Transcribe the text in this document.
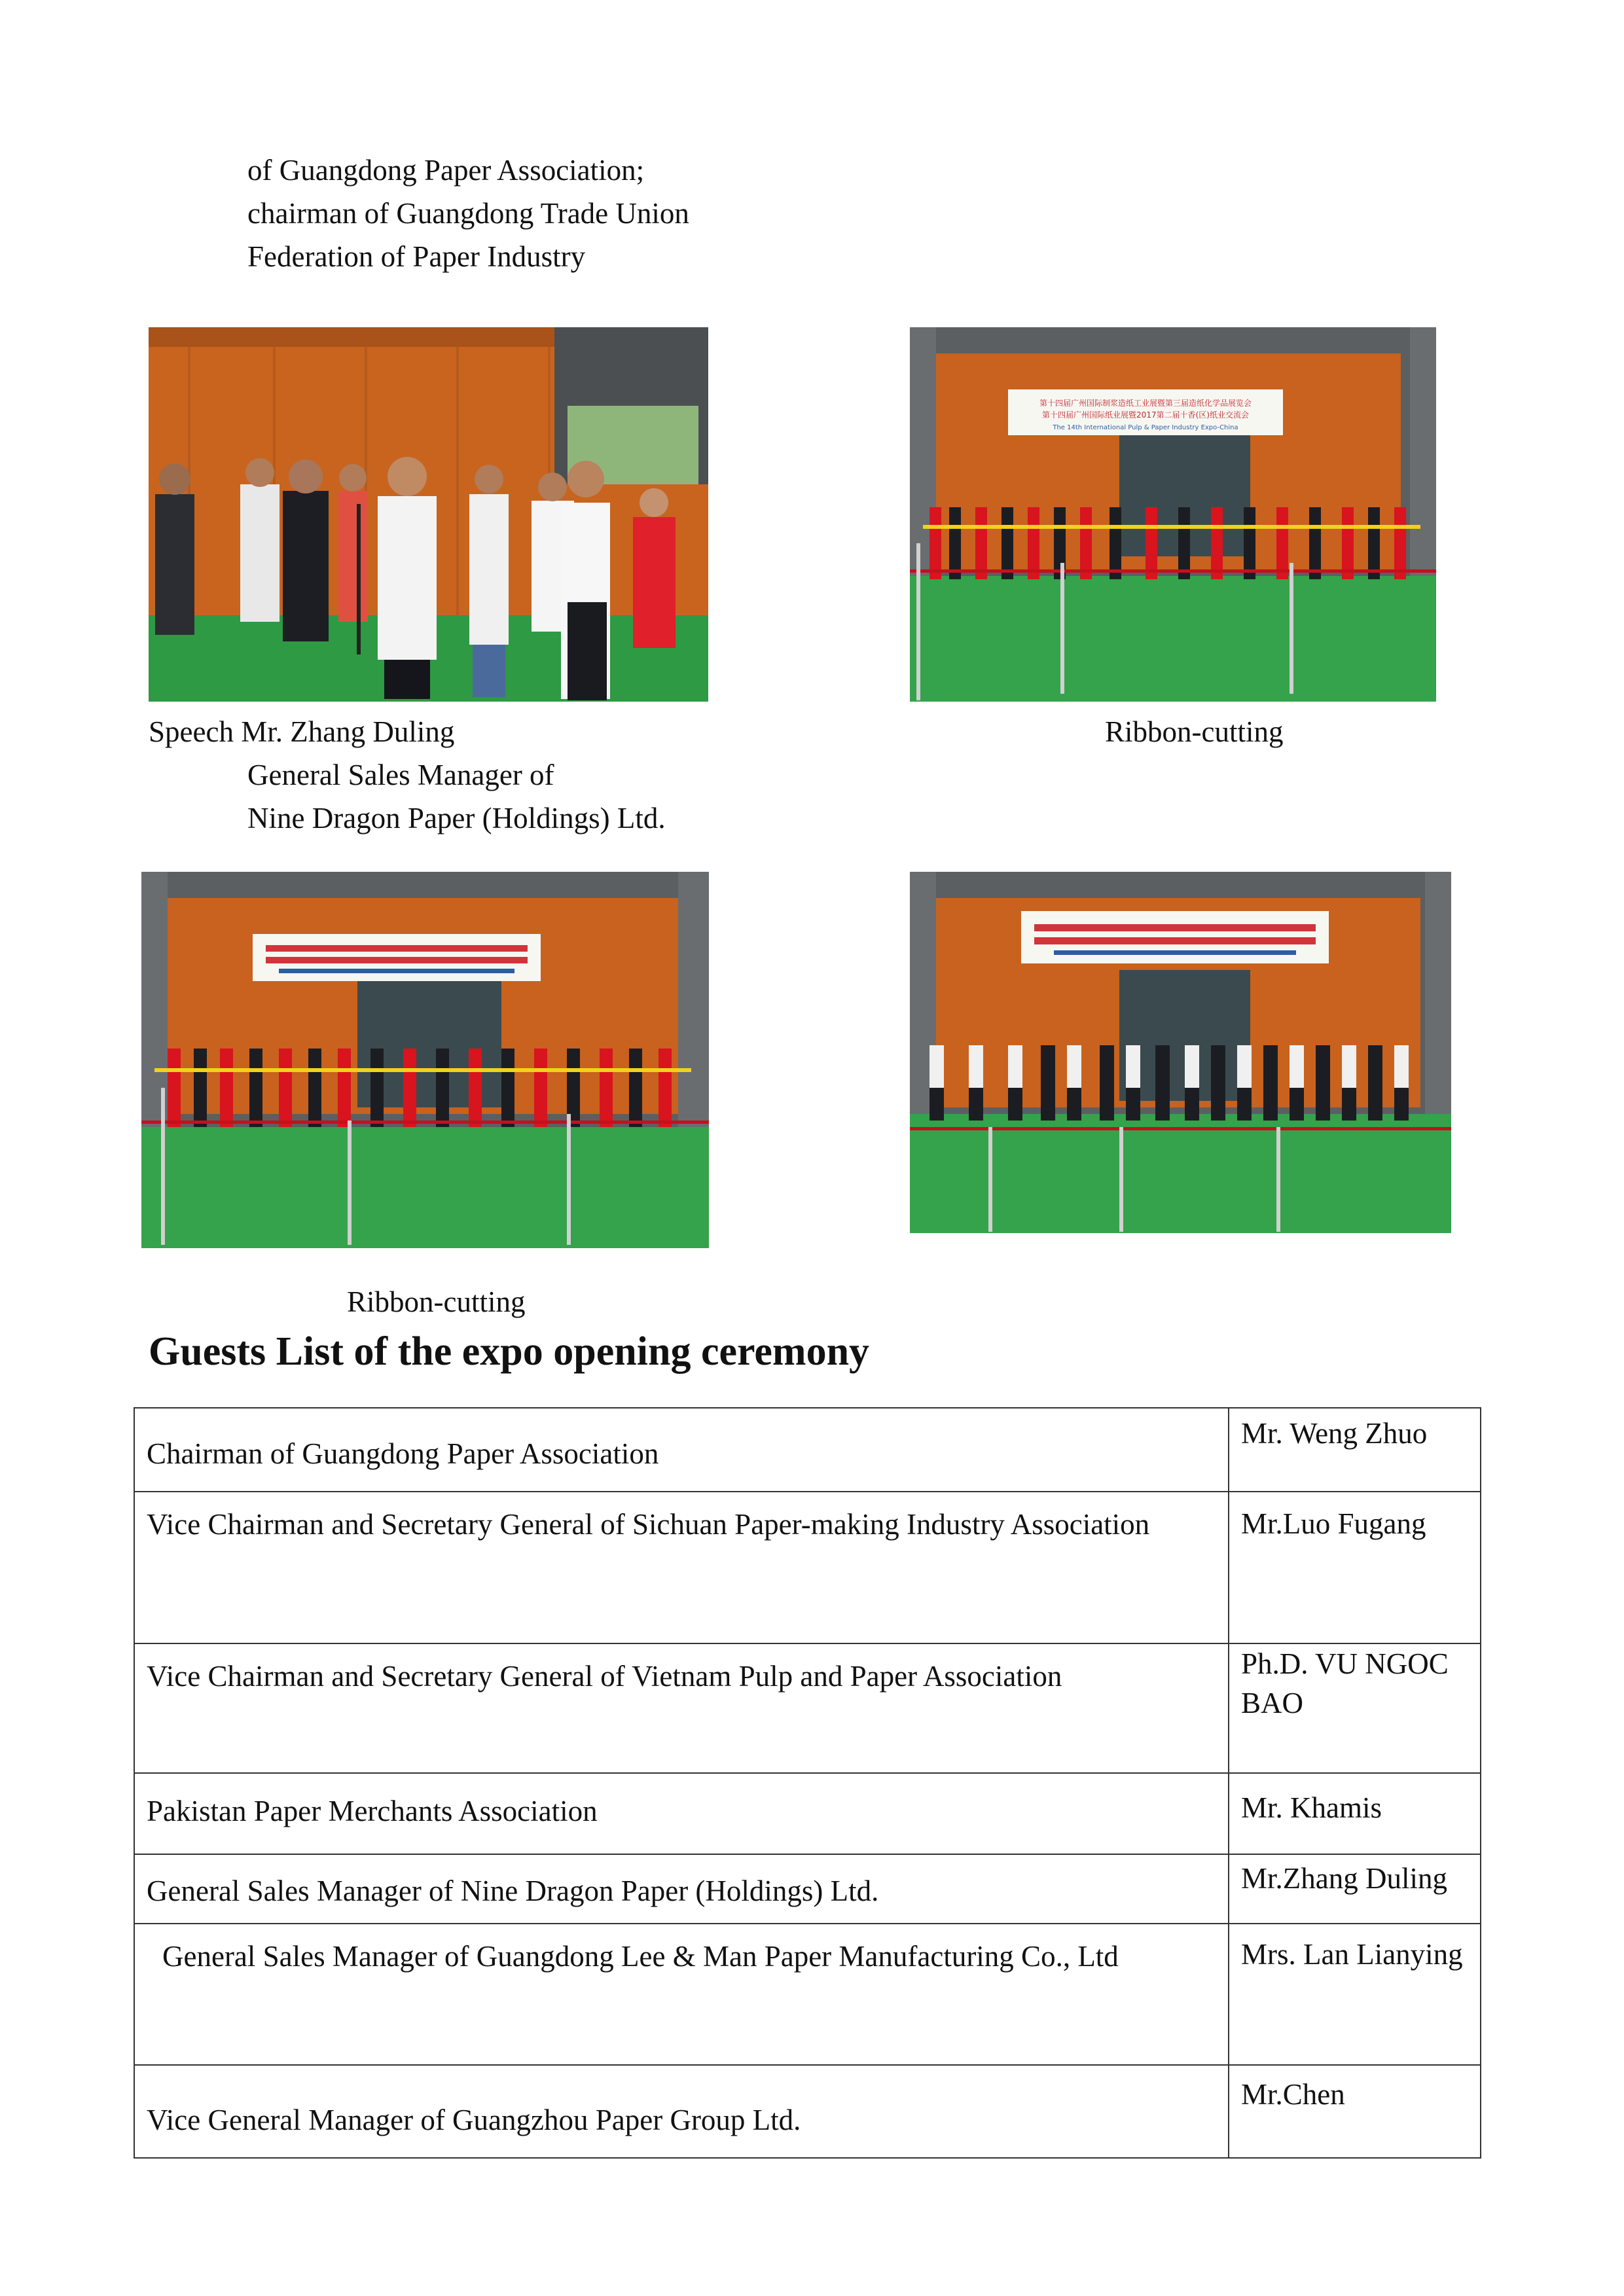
of Guangdong Paper Association;
chairman of Guangdong Trade Union
Federation of Paper Industry
第十四届广州国际制浆造纸工业展暨第三届造纸化学品展览会
第十四届广州国际纸业展暨2017第二届十香(区)纸业交流会
The 14th International Pulp & Paper Industry Expo-China
Speech Mr. Zhang Duling	Ribbon-cutting
General Sales Manager of
Nine Dragon Paper (Holdings) Ltd.
Ribbon-cutting
Guests List of the expo opening ceremony
Chairman of Guangdong Paper Association	Mr. Weng Zhuo
Vice Chairman and Secretary General of Sichuan Paper-making Industry Association	Mr.Luo Fugang
Vice Chairman and Secretary General of Vietnam Pulp and Paper Association	Ph.D. VU NGOC BAO
Pakistan Paper Merchants Association	Mr. Khamis
General Sales Manager of Nine Dragon Paper (Holdings) Ltd.	Mr.Zhang Duling
General Sales Manager of Guangdong Lee & Man Paper Manufacturing Co., Ltd	Mrs. Lan Lianying
Vice General Manager of Guangzhou Paper Group Ltd.	Mr.Chen
